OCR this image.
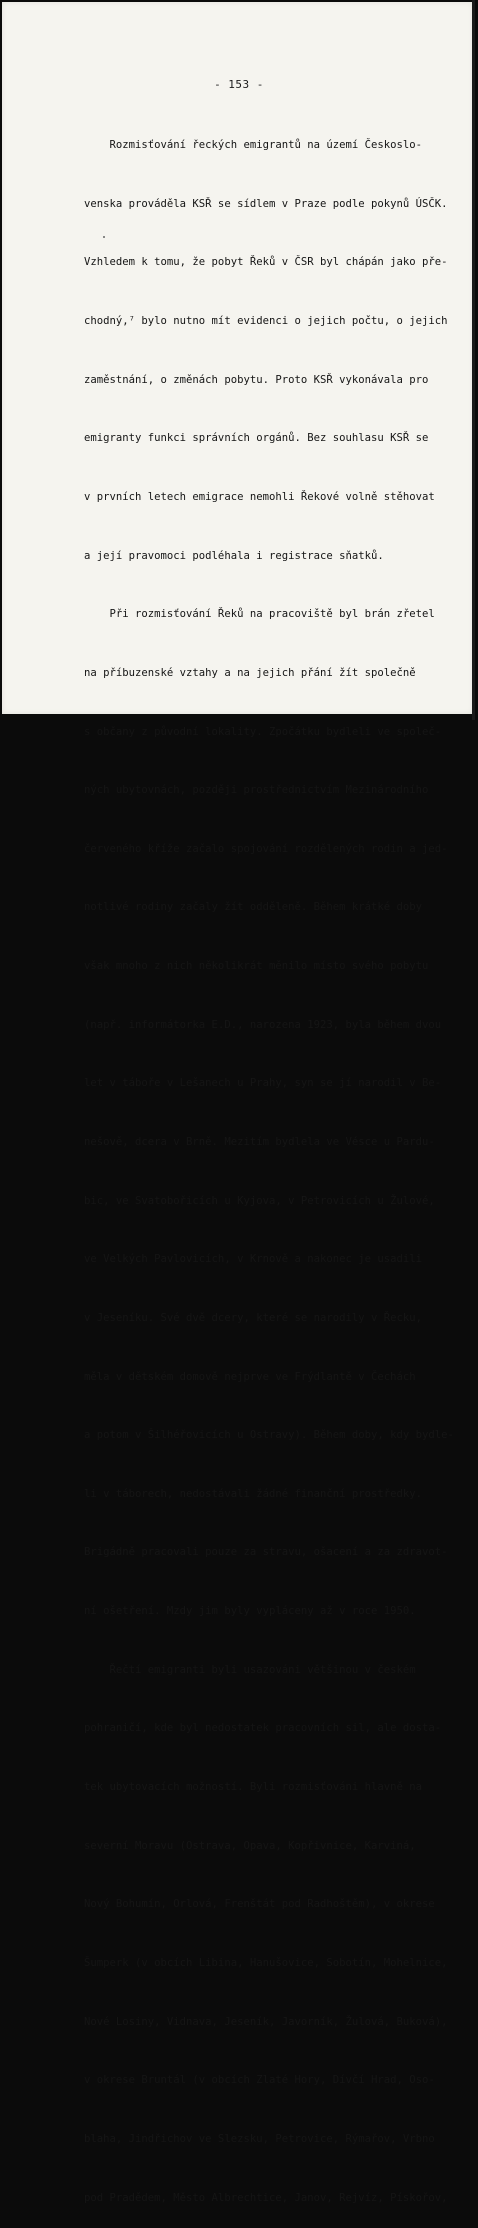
- 153 -

Rozmisťování řeckých emigrantů na území Českoslo-

venska prováděla KSŘ se sídlem v Praze podle pokynů ÚSČK.

Vzhledem k tomu, že pobyt Řeků v ČSR byl chápán jako pře-

chodný,⁷ bylo nutno mít evidenci o jejich počtu, o jejich

zaměstnání, o změnách pobytu. Proto KSŘ vykonávala pro

emigranty funkci správních orgánů. Bez souhlasu KSŘ se

v prvních letech emigrace nemohli Řekové volně stěhovat

a její pravomoci podléhala i registrace sňatků.

Při rozmisťování Řeků na pracoviště byl brán zřetel

na příbuzenské vztahy a na jejich přání žít společně

s občany z původní lokality. Zpočátku bydleli ve společ-

ných ubytovnách, později prostřednictvím Mezinárodního

červeného kříže začalo spojování rozdělených rodin a jed-

notlivé rodiny začaly žít odděleně. Během krátké doby

však mnoho z nich několikrát měnilo místo svého pobytu

(např. informátorka E.D., narozena 1923, byla během dvou

let v táboře v Lešanech u Prahy, syn se jí narodil v Be-

nešově, dcera v Brně. Mezitím bydlela ve Vésce u Pardu-

bic, ve Svatobořicích u Kyjova, v Petrovicích u Žulové,

ve Velkých Pavlovicích, v Krnově a nakonec je usadili

v Jeseníku. Své dvě dcery, které se narodily v Řecku,

měla v dětském domově nejprve ve Frýdlantě v Čechách

a potom v Šilhéřovicích u Ostravy). Během doby, kdy bydle-

li v táborech, nedostávali žádné finanční prostředky.

Brigádně pracovali pouze za stravu, ošacení a za zdravot-

ní ošetření. Mzdy jim byly vypláceny až v roce 1950.

Řečtí emigranti byli usazováni většinou v českém

pohraničí, kde byl nedostatek pracovních sil, ale dosta-

tek ubytovacích možností. Byli rozmisťováni hlavně na

severní Moravu (Ostrava, Opava, Kopřivnice, Karviná,

Nový Bohumín, Orlová, Frenštát pod Radhoštěm), v okrese

Šumperk (v obcích Libina, Hanušovice, Sobotín, Mohelnice,

Nové Losiny, Vidnava, Jeseník, Javorník, Žulová, Buková),

v okrese Bruntál (v obcích Zlaté Hory, Dívčí Hrad, Oso-

blaha, Jindřichov ve Slezsku, Petrovice, Rýmařov, Vrbno

pod Pradědem, Město Albrechtice, Janov, Rejvíz, Pískořov,
